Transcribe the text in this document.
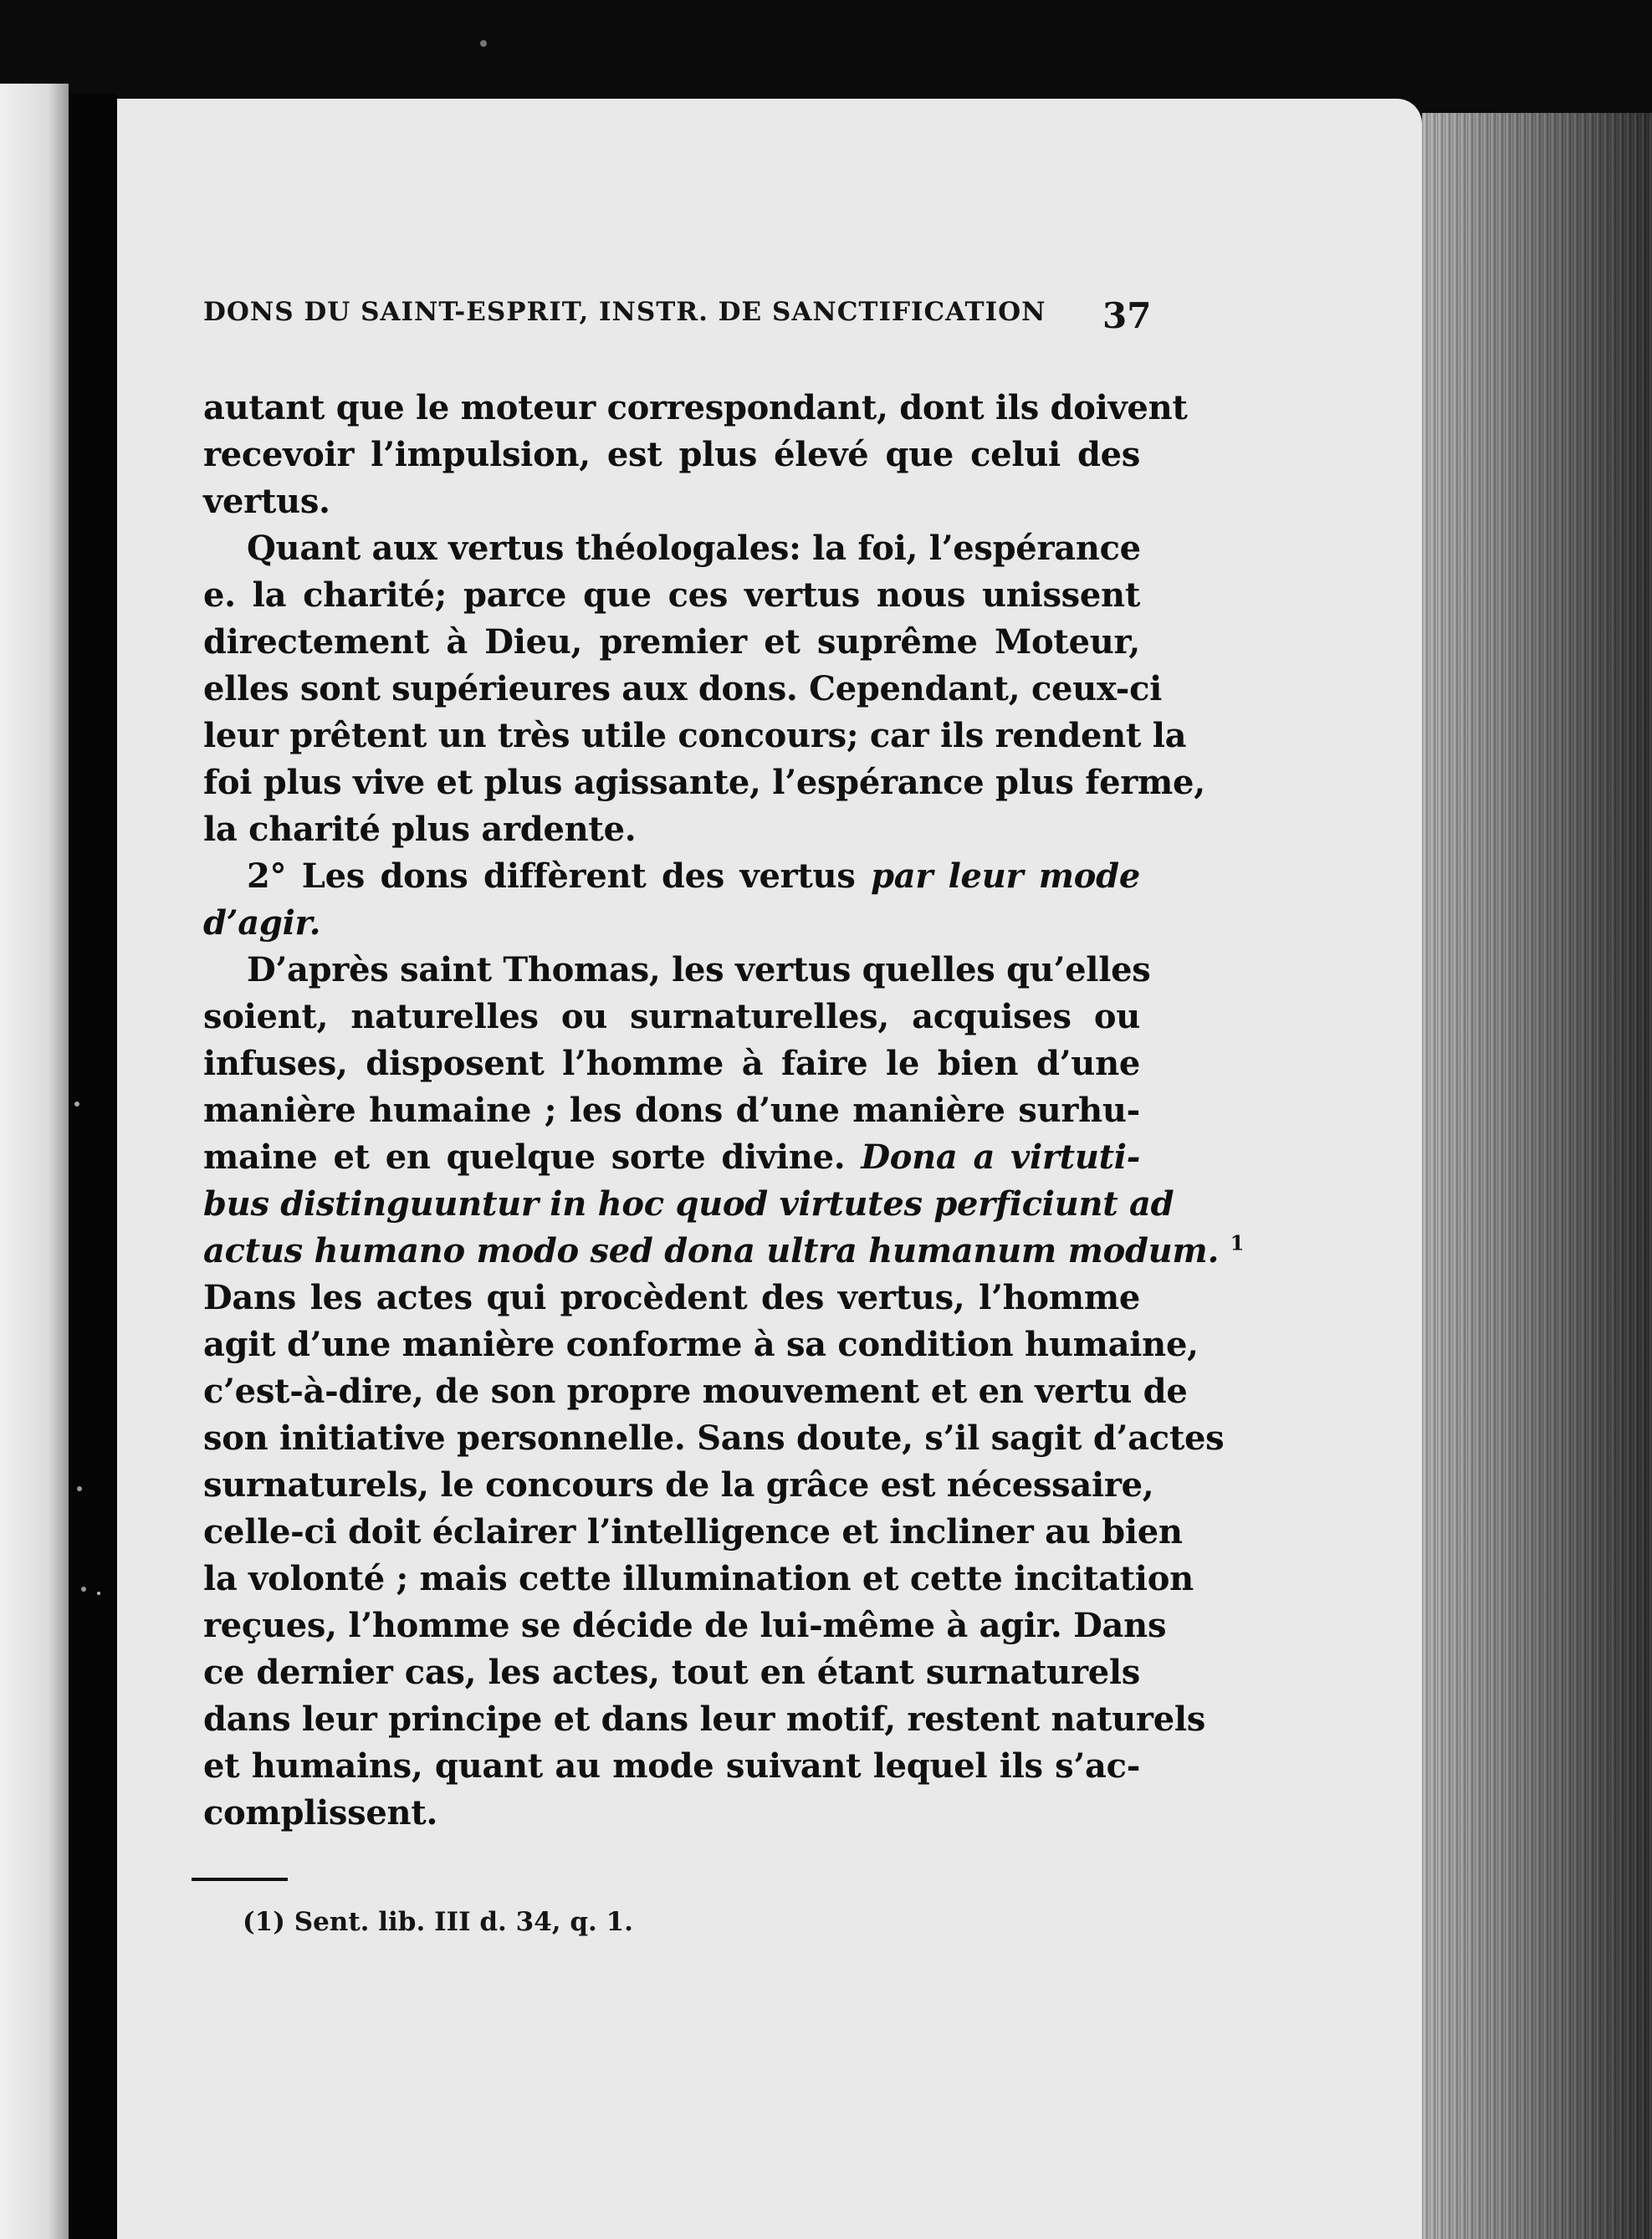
DONS DU SAINT-ESPRIT, INSTR. DE SANCTIFICATION	37
autant que le moteur correspondant, dont ils doivent
recevoir l’impulsion, est plus élevé que celui des
vertus.
Quant aux vertus théologales: la foi, l’espérance
e. la charité; parce que ces vertus nous unissent
directement à Dieu, premier et suprême Moteur,
elles sont supérieures aux dons. Cependant, ceux-ci
leur prêtent un très utile concours; car ils rendent la
foi plus vive et plus agissante, l’espérance plus ferme,
la charité plus ardente.
2° Les dons diffèrent des vertus par leur mode
d’agir.
D’après saint Thomas, les vertus quelles qu’elles
soient, naturelles ou surnaturelles, acquises ou
infuses, disposent l’homme à faire le bien d’une
manière humaine ; les dons d’une manière surhu-
maine et en quelque sorte divine. Dona a virtuti-
bus distinguuntur in hoc quod virtutes perficiunt ad
actus humano modo sed dona ultra humanum modum. $^1$
Dans les actes qui procèdent des vertus, l’homme
agit d’une manière conforme à sa condition humaine,
c’est-à-dire, de son propre mouvement et en vertu de
son initiative personnelle. Sans doute, s’il sagit d’actes
surnaturels, le concours de la grâce est nécessaire,
celle-ci doit éclairer l’intelligence et incliner au bien
la volonté ; mais cette illumination et cette incitation
reçues, l’homme se décide de lui-même à agir. Dans
ce dernier cas, les actes, tout en étant surnaturels
dans leur principe et dans leur motif, restent naturels
et humains, quant au mode suivant lequel ils s’ac-
complissent.
(1) Sent. lib. III d. 34, q. 1.
